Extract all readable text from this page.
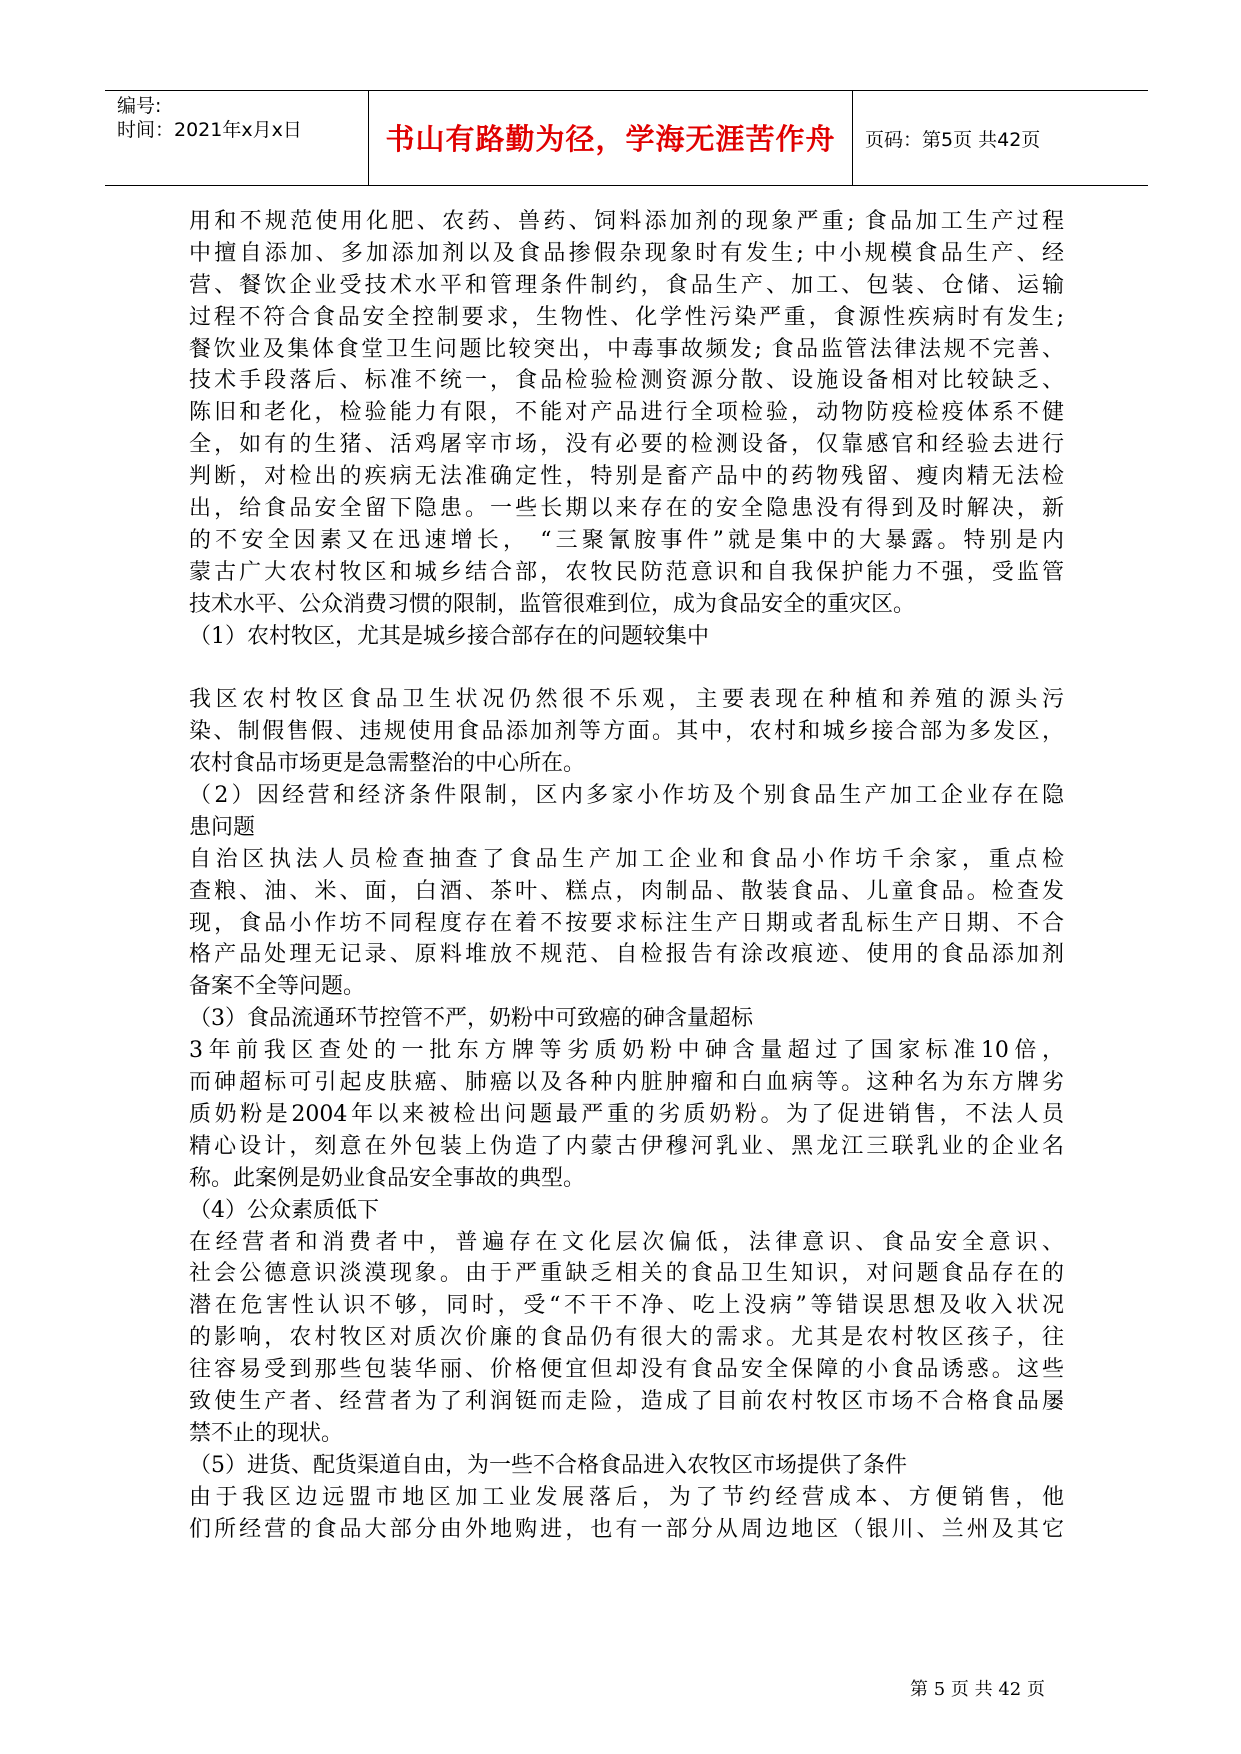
编号:
时间：2021年x月x日	书山有路勤为径，学海无涯苦作舟	页码：第5页 共42页
用和不规范使用化肥、农药、兽药、饲料添加剂的现象严重; 食品加工生产过程
中擅自添加、多加添加剂以及食品掺假杂现象时有发生; 中小规模食品生产、经
营、餐饮企业受技术水平和管理条件制约，食品生产、加工、包装、仓储、运输
过程不符合食品安全控制要求，生物性、化学性污染严重，食源性疾病时有发生;
餐饮业及集体食堂卫生问题比较突出，中毒事故频发; 食品监管法律法规不完善、
技术手段落后、标准不统一，食品检验检测资源分散、设施设备相对比较缺乏、
陈旧和老化，检验能力有限，不能对产品进行全项检验，动物防疫检疫体系不健
全，如有的生猪、活鸡屠宰市场，没有必要的检测设备，仅靠感官和经验去进行
判断，对检出的疾病无法准确定性，特别是畜产品中的药物残留、瘦肉精无法检
出，给食品安全留下隐患。一些长期以来存在的安全隐患没有得到及时解决，新
的不安全因素又在迅速增长， “三聚氰胺事件”就是集中的大暴露。特别是内
蒙古广大农村牧区和城乡结合部，农牧民防范意识和自我保护能力不强，受监管
技术水平、公众消费习惯的限制，监管很难到位，成为食品安全的重灾区。
（1）农村牧区，尤其是城乡接合部存在的问题较集中

我区农村牧区食品卫生状况仍然很不乐观，主要表现在种植和养殖的源头污
染、制假售假、违规使用食品添加剂等方面。其中，农村和城乡接合部为多发区，
农村食品市场更是急需整治的中心所在。
（2）因经营和经济条件限制，区内多家小作坊及个别食品生产加工企业存在隐
患问题
自治区执法人员检查抽查了食品生产加工企业和食品小作坊千余家，重点检
查粮、油、米、面，白酒、茶叶、糕点，肉制品、散装食品、儿童食品。检查发
现，食品小作坊不同程度存在着不按要求标注生产日期或者乱标生产日期、不合
格产品处理无记录、原料堆放不规范、自检报告有涂改痕迹、使用的食品添加剂
备案不全等问题。
（3）食品流通环节控管不严，奶粉中可致癌的砷含量超标
3年前我区查处的一批东方牌等劣质奶粉中砷含量超过了国家标准10倍，
而砷超标可引起皮肤癌、肺癌以及各种内脏肿瘤和白血病等。这种名为东方牌劣
质奶粉是2004年以来被检出问题最严重的劣质奶粉。为了促进销售，不法人员
精心设计，刻意在外包装上伪造了内蒙古伊穆河乳业、黑龙江三联乳业的企业名
称。此案例是奶业食品安全事故的典型。
（4）公众素质低下
在经营者和消费者中，普遍存在文化层次偏低，法律意识、食品安全意识、
社会公德意识淡漠现象。由于严重缺乏相关的食品卫生知识，对问题食品存在的
潜在危害性认识不够，同时，受“不干不净、吃上没病”等错误思想及收入状况
的影响，农村牧区对质次价廉的食品仍有很大的需求。尤其是农村牧区孩子，往
往容易受到那些包装华丽、价格便宜但却没有食品安全保障的小食品诱惑。这些
致使生产者、经营者为了利润铤而走险，造成了目前农村牧区市场不合格食品屡
禁不止的现状。
（5）进货、配货渠道自由，为一些不合格食品进入农牧区市场提供了条件
由于我区边远盟市地区加工业发展落后，为了节约经营成本、方便销售，他
们所经营的食品大部分由外地购进，也有一部分从周边地区（银川、兰州及其它
第 5 页 共 42 页
